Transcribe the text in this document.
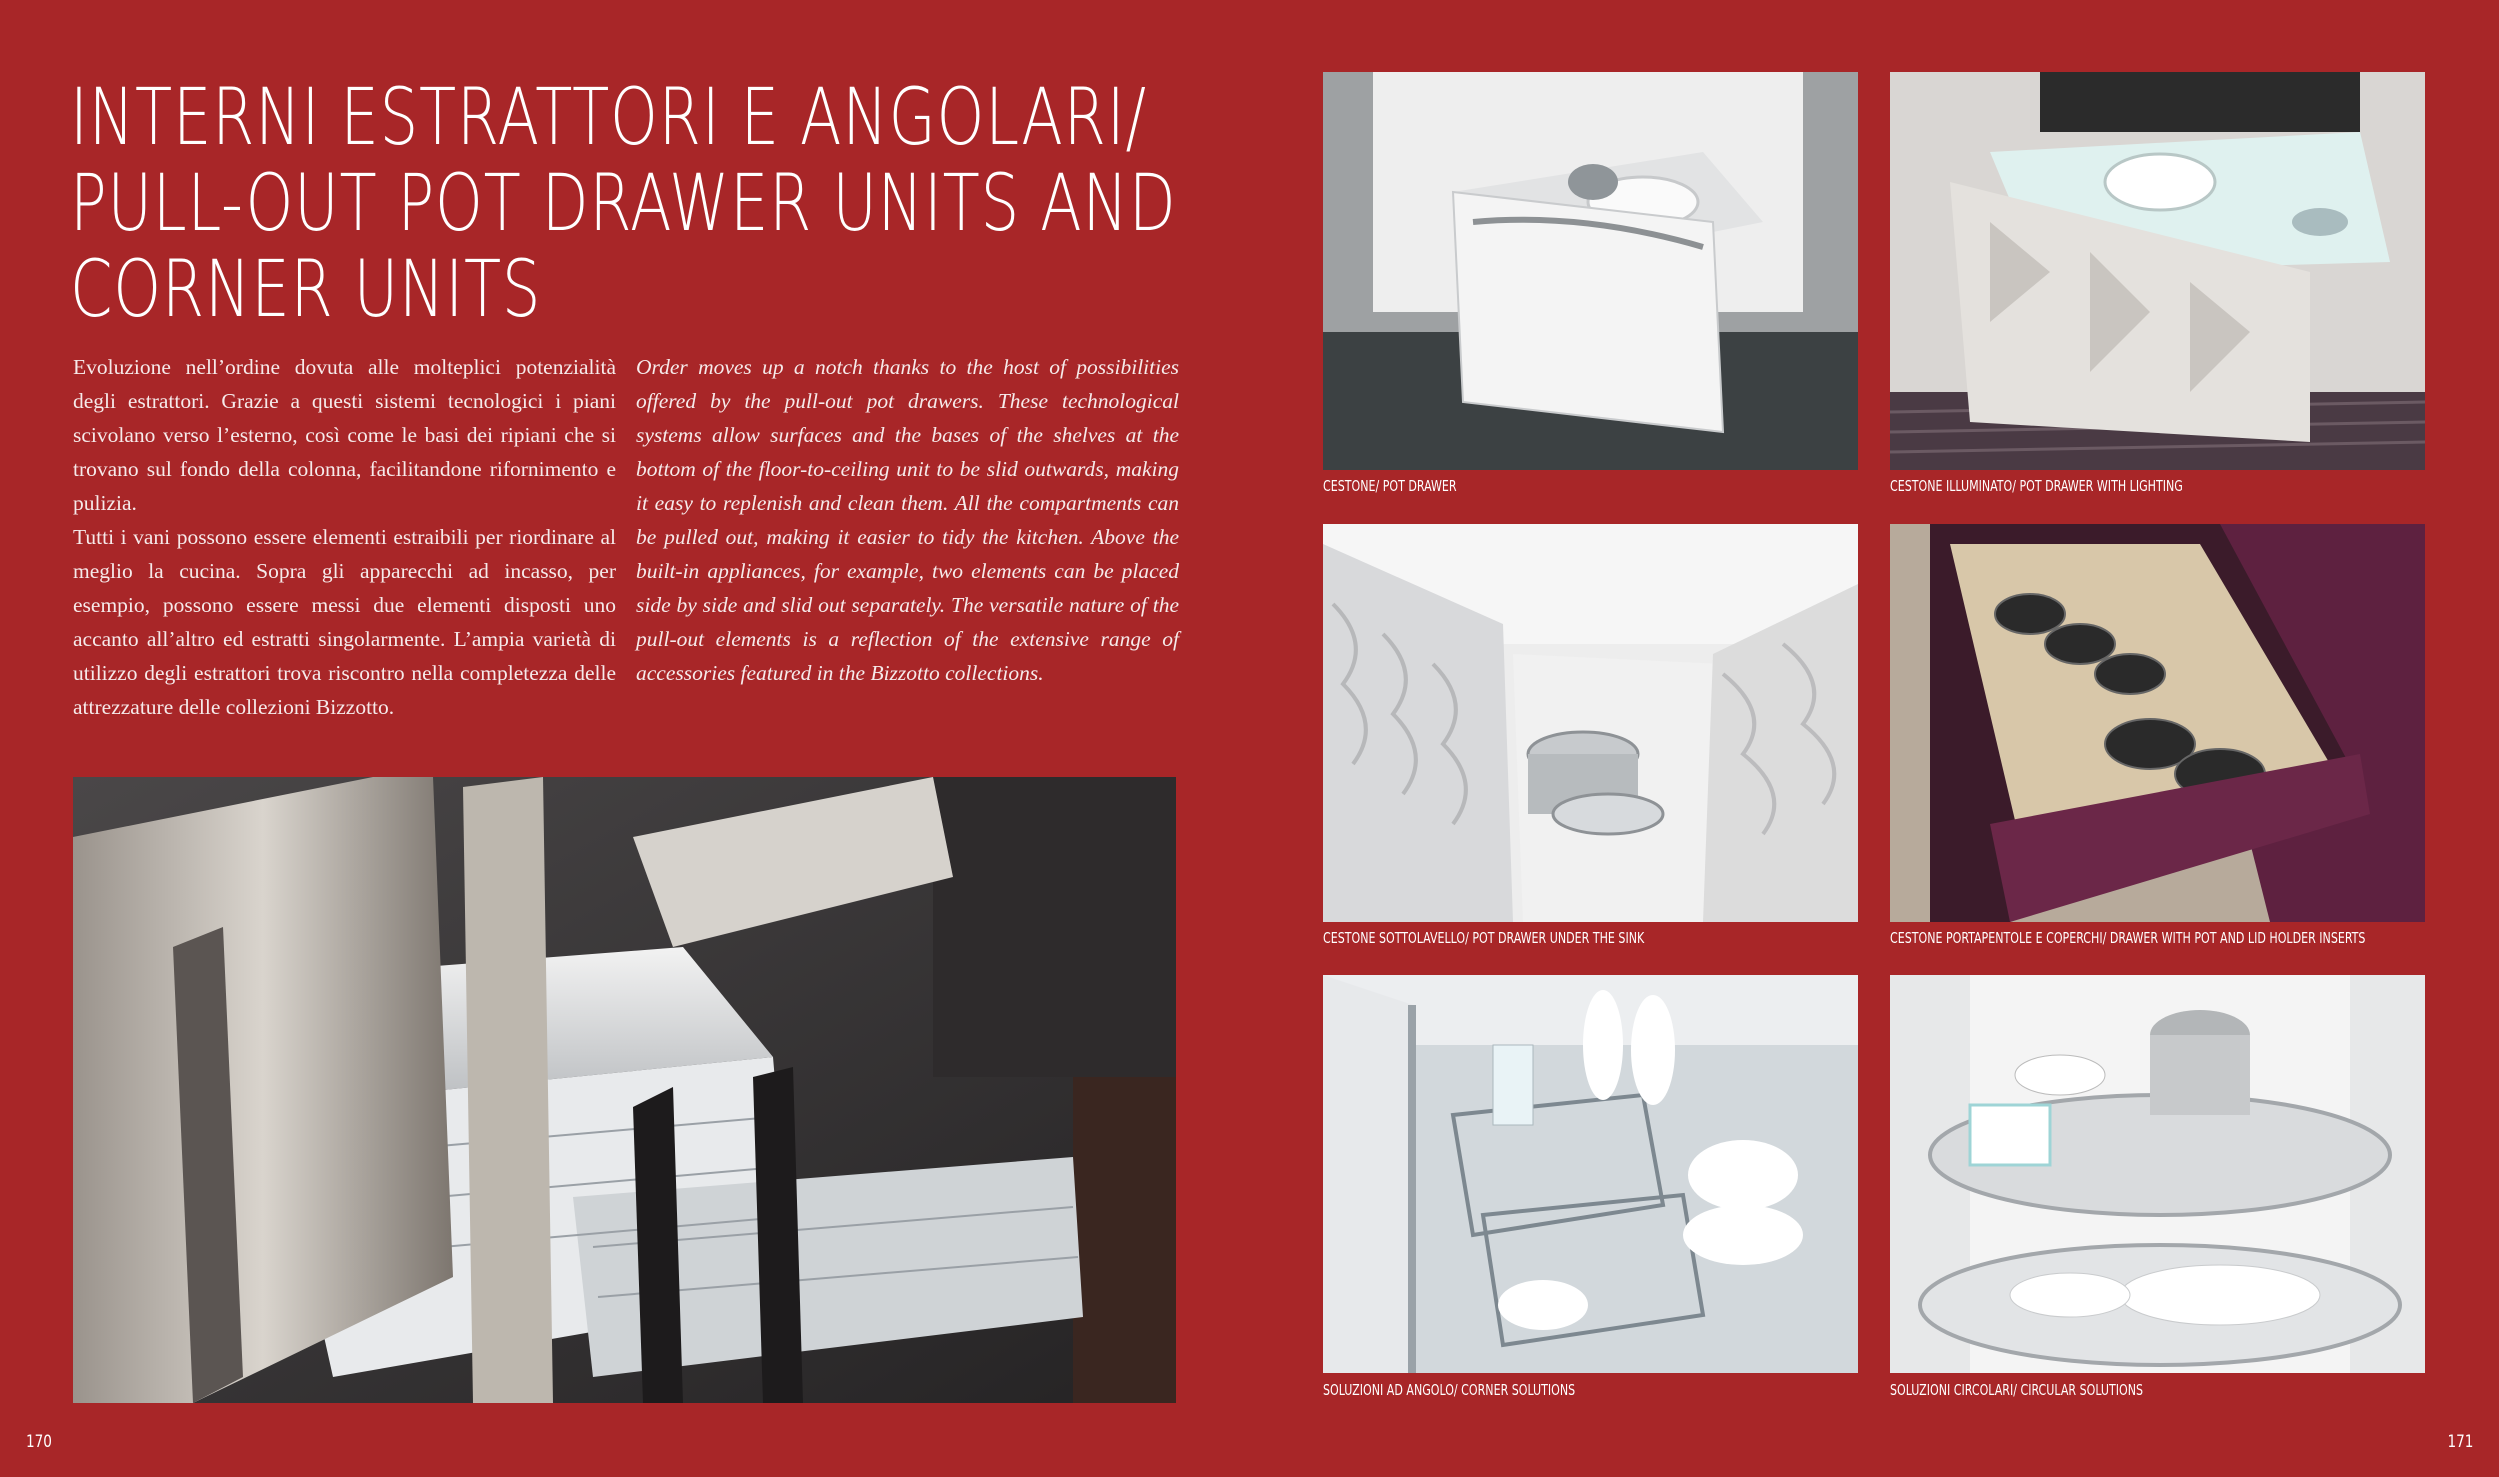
INTERNI ESTRATTORI E ANGOLARI/
PULL-OUT POT DRAWER UNITS AND
CORNER UNITS

Evoluzione nell’ordine dovuta alle molteplici potenzialità degli estrattori. Grazie a questi sistemi tecnologici i piani scivolano verso l’esterno, così come le basi dei ripiani che si trovano sul fondo della colonna, facilitandone rifornimento e pulizia.

Tutti i vani possono essere elementi estraibili per riordinare al meglio la cucina. Sopra gli apparecchi ad incasso, per esempio, possono essere messi due elementi disposti uno accanto all’altro ed estratti singolarmente. L’ampia varietà di utilizzo degli estrattori trova riscontro nella completezza delle attrezzature delle collezioni Bizzotto.

Order moves up a notch thanks to the host of possibilities offered by the pull-out pot drawers. These technological systems allow surfaces and the bases of the shelves at the bottom of the floor-to-ceiling unit to be slid outwards, making it easy to replenish and clean them. All the compartments can be pulled out, making it easier to tidy the kitchen. Above the built-in appliances, for example, two elements can be placed side by side and slid out separately. The versatile nature of the pull-out elements is a reflection of the extensive range of accessories featured in the Bizzotto collections.

CESTONE/ POT DRAWER	CESTONE ILLUMINATO/ POT DRAWER WITH LIGHTING
CESTONE SOTTOLAVELLO/ POT DRAWER UNDER THE SINK	CESTONE PORTAPENTOLE E COPERCHI/ DRAWER WITH POT AND LID HOLDER INSERTS
SOLUZIONI AD ANGOLO/ CORNER SOLUTIONS	SOLUZIONI CIRCOLARI/ CIRCULAR SOLUTIONS
170	171
